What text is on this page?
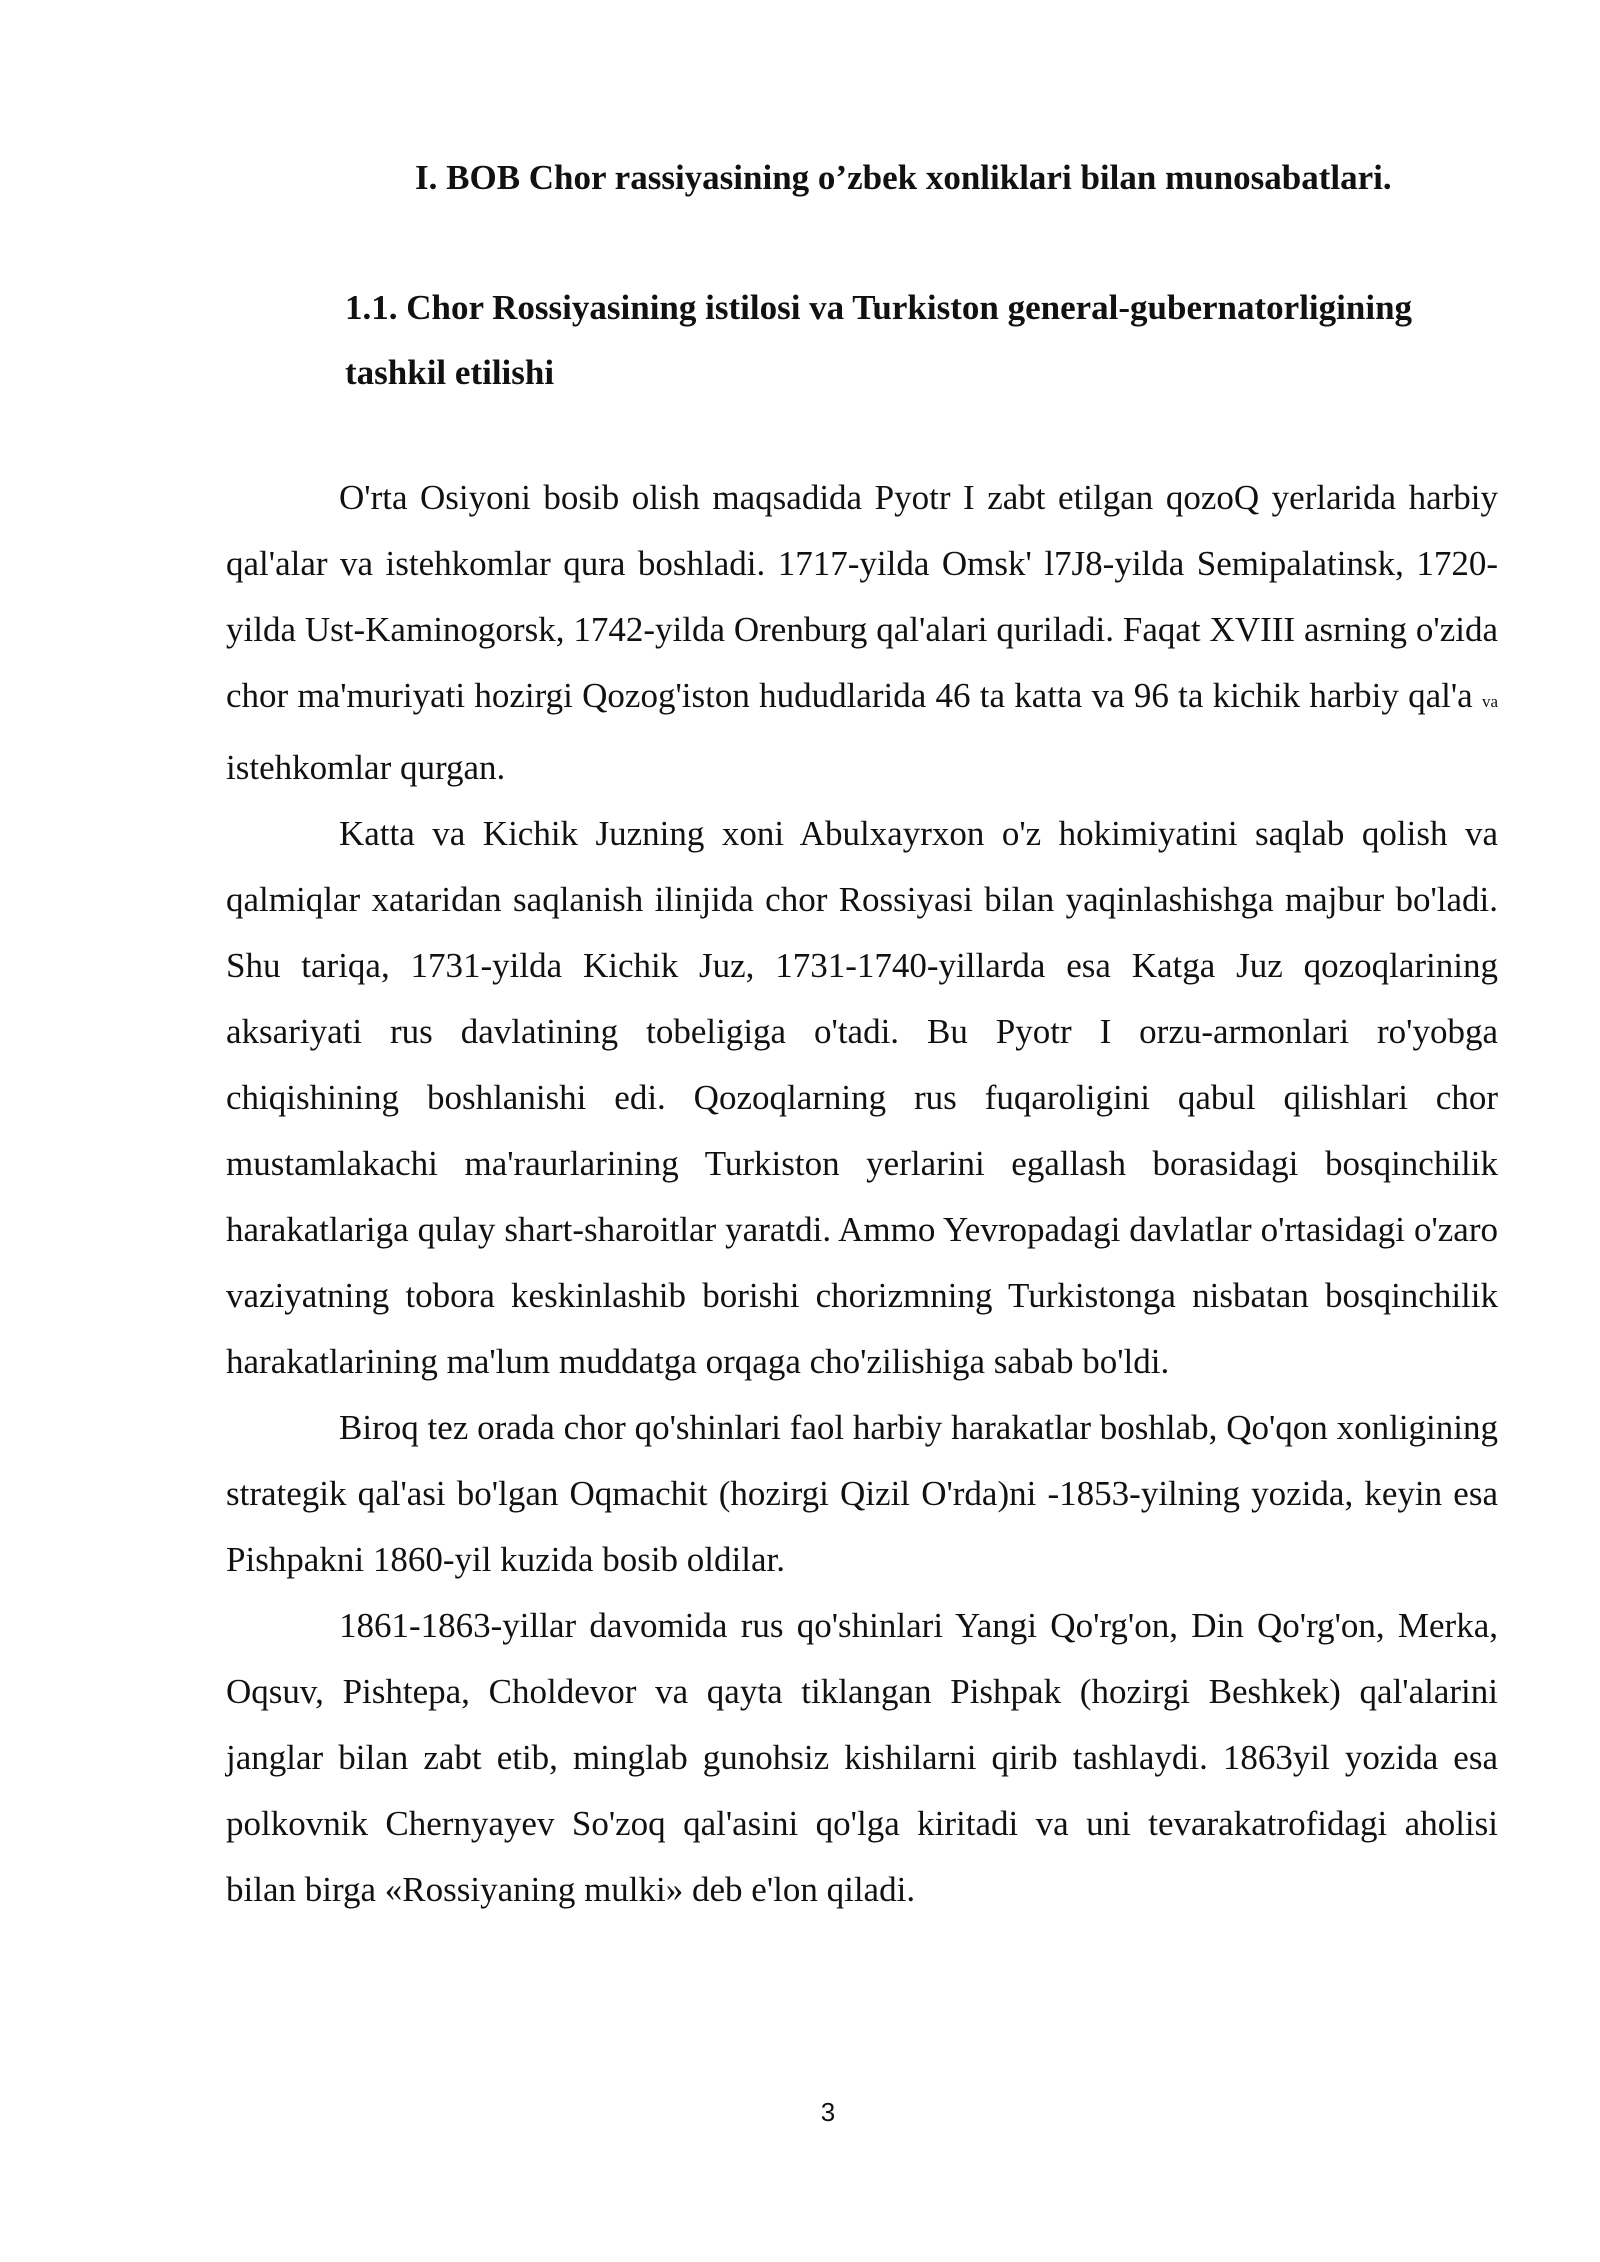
I. BOB Chor rassiyasining o’zbek xonliklari bilan munosabatlari.
1.1. Chor Rossiyasining istilosi va Turkiston general-gubernatorligining tashkil etilishi

O'rta Osiyoni bosib olish maqsadida Pyotr I zabt etilgan qozoQ yerlarida harbiy qal'alar va istehkomlar qura boshladi. 1717-yilda Omsk' l7J8-yilda Semipalatinsk, 1720-yilda Ust-Kaminogorsk, 1742-yilda Orenburg qal'alari quriladi. Faqat XVIII asrning o'zida chor ma'muriyati hozirgi Qozog'iston hududlarida 46 ta katta va 96 ta kichik harbiy qal'a va istehkomlar qurgan.

Katta va Kichik Juzning xoni Abulxayrxon o'z hokimiyatini saqlab qolish va qalmiqlar xataridan saqlanish ilinjida chor Rossiyasi bilan yaqinlashishga majbur bo'ladi. Shu tariqa, 1731-yilda Kichik Juz, 1731-1740-yillarda esa Katga Juz qozoqlarining aksariyati rus davlatining tobeligiga o'tadi. Bu Pyotr I orzu-armonlari ro'yobga chiqishining boshlanishi edi. Qozoqlarning rus fuqaroligini qabul qilishlari chor mustamlakachi ma'raurlarining Turkiston yerlarini egallash borasidagi bosqinchilik harakatlariga qulay shart-sharoitlar yaratdi. Ammo Yevropadagi davlatlar o'rtasidagi o'zaro vaziyatning tobora keskinlashib borishi chorizmning Turkistonga nisbatan bosqinchilik harakatlarining ma'lum muddatga orqaga cho'zilishiga sabab bo'ldi.

Biroq tez orada chor qo'shinlari faol harbiy harakatlar boshlab, Qo'qon xonligining strategik qal'asi bo'lgan Oqmachit (hozirgi Qizil O'rda)ni -1853-yilning yozida, keyin esa Pishpakni 1860-yil kuzida bosib oldilar.

1861-1863-yillar davomida rus qo'shinlari Yangi Qo'rg'on, Din Qo'rg'on, Merka, Oqsuv, Pishtepa, Choldevor va qayta tiklangan Pishpak (hozirgi Beshkek) qal'alarini janglar bilan zabt etib, minglab gunohsiz kishilarni qirib tashlaydi. 1863yil yozida esa polkovnik Chernyayev So'zoq qal'asini qo'lga kiritadi va uni tevarakatrofidagi aholisi bilan birga «Rossiyaning mulki» deb e'lon qiladi.

3
